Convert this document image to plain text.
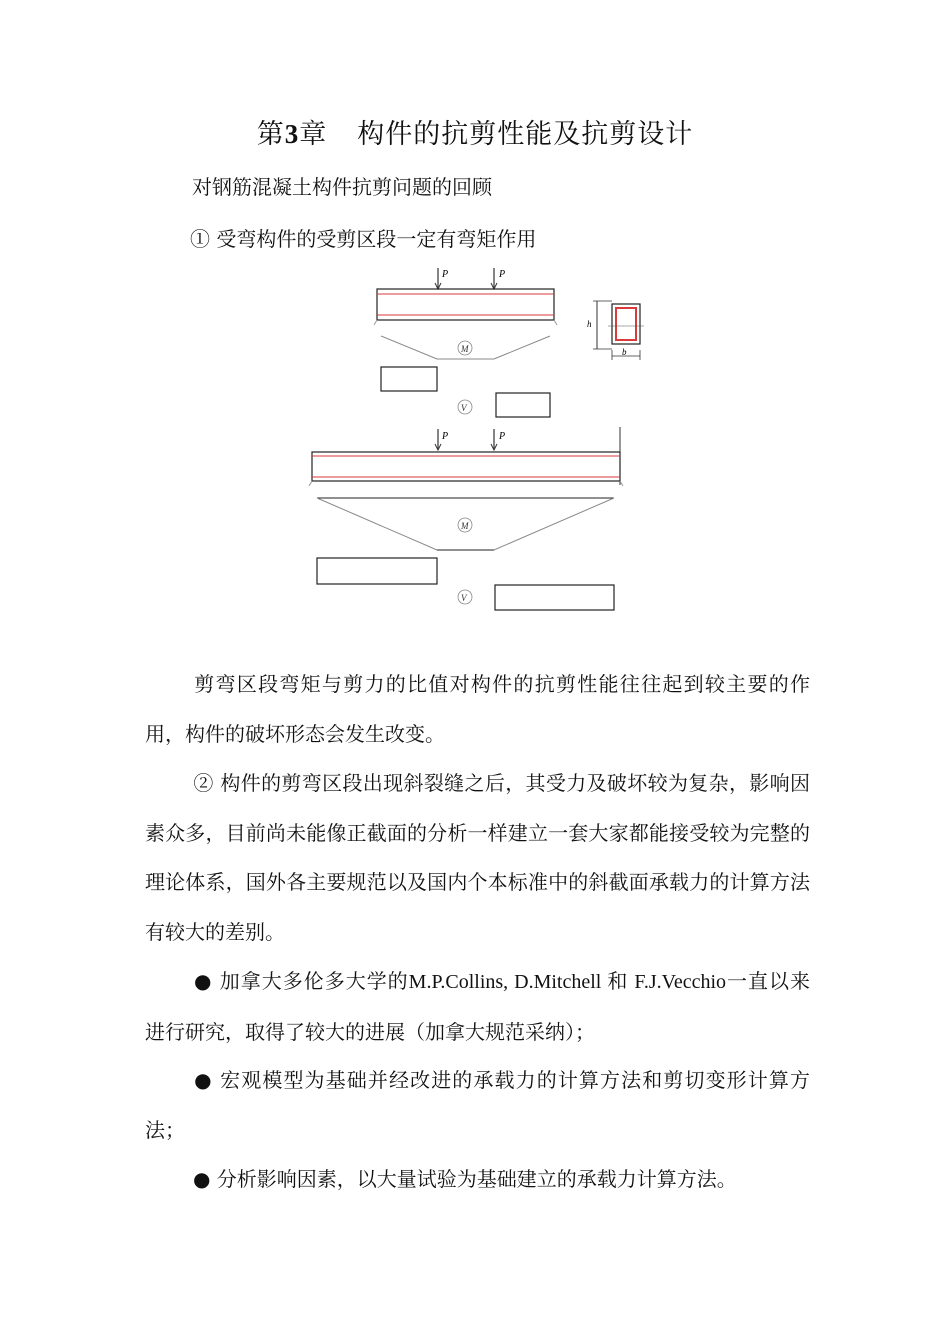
第3章 构件的抗剪性能及抗剪设计
对钢筋混凝土构件抗剪问题的回顾
① 受弯构件的受剪区段一定有弯矩作用
P	P
h
b
M
V
P	P
M
V
剪弯区段弯矩与剪力的比值对构件的抗剪性能往往起到较主要的作用，构件的破坏形态会发生改变。
② 构件的剪弯区段出现斜裂缝之后，其受力及破坏较为复杂，影响因素众多，目前尚未能像正截面的分析一样建立一套大家都能接受较为完整的理论体系，国外各主要规范以及国内个本标准中的斜截面承载力的计算方法有较大的差别。
● 加拿大多伦多大学的M.P.Collins, D.Mitchell 和 F.J.Vecchio一直以来进行研究，取得了较大的进展（加拿大规范采纳）；
● 宏观模型为基础并经改进的承载力的计算方法和剪切变形计算方法；
● 分析影响因素，以大量试验为基础建立的承载力计算方法。
